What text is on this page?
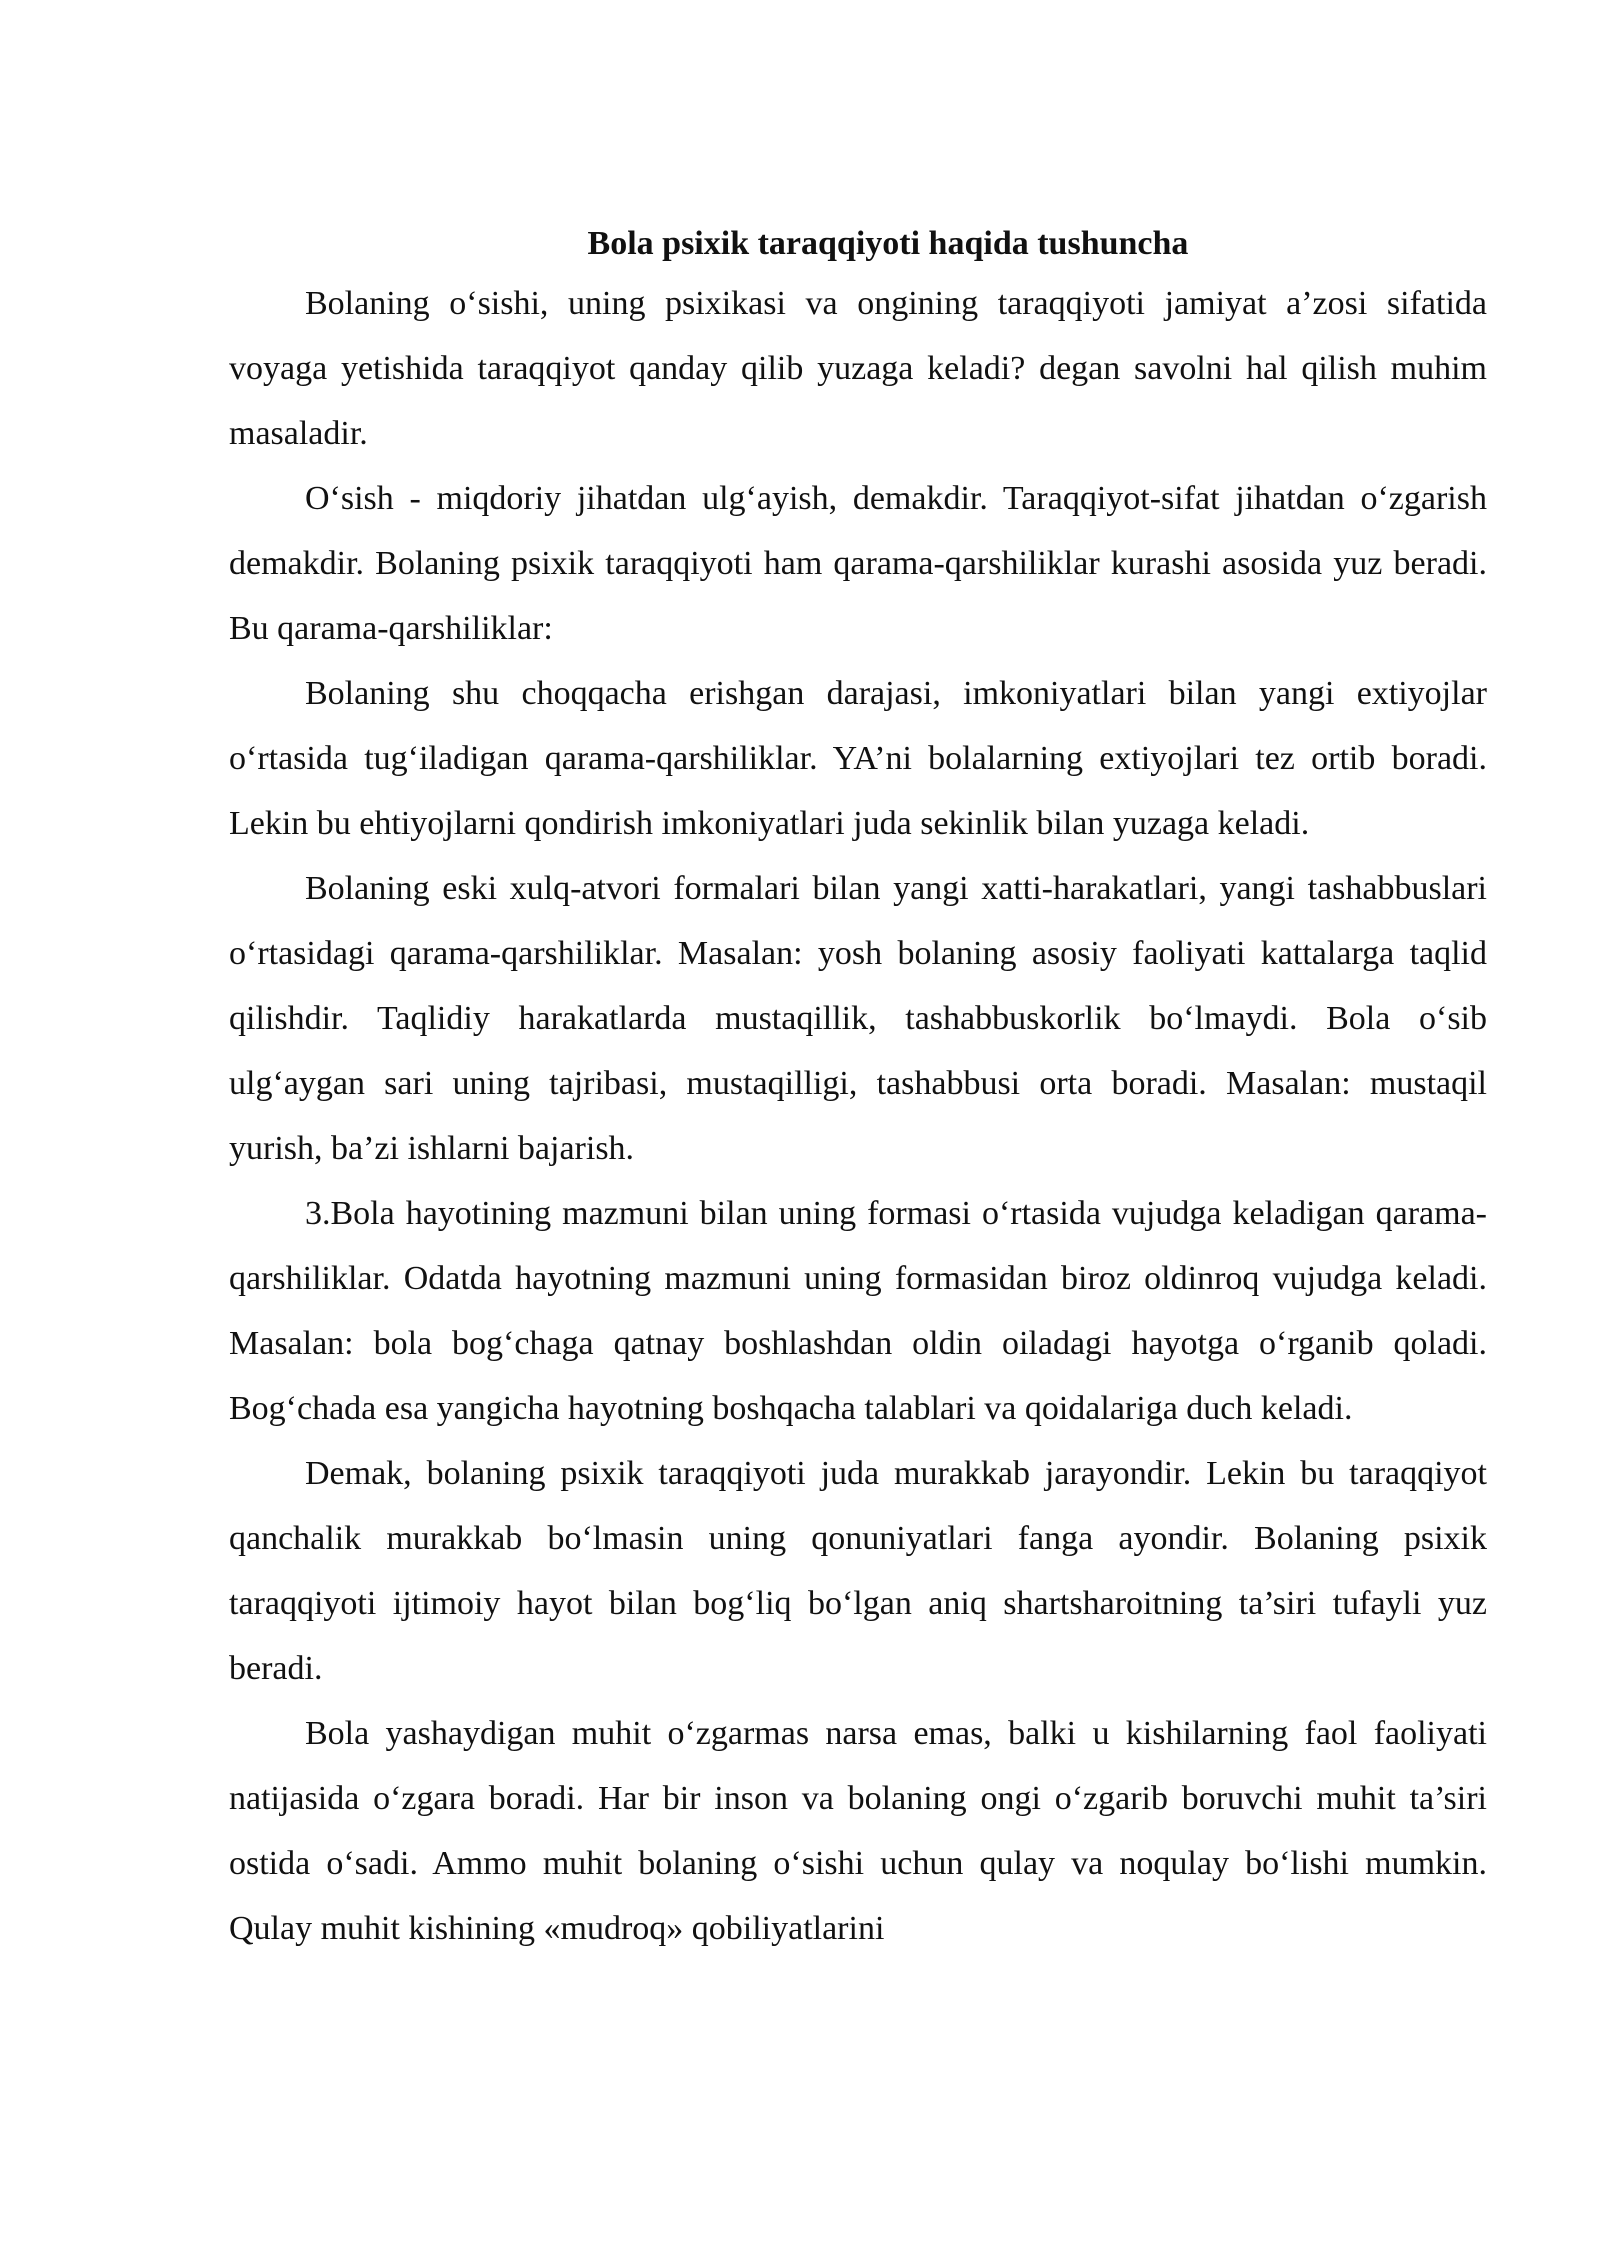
Bola psixik taraqqiyoti haqida tushuncha

Bolaning o‘sishi, uning psixikasi va ongining taraqqiyoti jamiyat a’zosi sifatida voyaga yetishida taraqqiyot qanday qilib yuzaga keladi? degan savolni hal qilish muhim masaladir.

O‘sish - miqdoriy jihatdan ulg‘ayish, demakdir. Taraqqiyot-sifat jihatdan o‘zgarish demakdir. Bolaning psixik taraqqiyoti ham qarama-qarshiliklar kurashi asosida yuz beradi. Bu qarama-qarshiliklar:

Bolaning shu choqqacha erishgan darajasi, imkoniyatlari bilan yangi extiyojlar o‘rtasida tug‘iladigan qarama-qarshiliklar. YA’ni bolalarning extiyojlari tez ortib boradi. Lekin bu ehtiyojlarni qondirish imkoniyatlari juda sekinlik bilan yuzaga keladi.

Bolaning eski xulq-atvori formalari bilan yangi xatti-harakatlari, yangi tashabbuslari o‘rtasidagi qarama-qarshiliklar. Masalan: yosh bolaning asosiy faoliyati kattalarga taqlid qilishdir. Taqlidiy harakatlarda mustaqillik, tashabbuskorlik bo‘lmaydi. Bola o‘sib ulg‘aygan sari uning tajribasi, mustaqilligi, tashabbusi orta boradi. Masalan: mustaqil yurish, ba’zi ishlarni bajarish.

3.Bola hayotining mazmuni bilan uning formasi o‘rtasida vujudga keladigan qarama-qarshiliklar. Odatda hayotning mazmuni uning formasidan biroz oldinroq vujudga keladi. Masalan: bola bog‘chaga qatnay boshlashdan oldin oiladagi hayotga o‘rganib qoladi. Bog‘chada esa yangicha hayotning boshqacha talablari va qoidalariga duch keladi.

Demak, bolaning psixik taraqqiyoti juda murakkab jarayondir. Lekin bu taraqqiyot qanchalik murakkab bo‘lmasin uning qonuniyatlari fanga ayondir. Bolaning psixik taraqqiyoti ijtimoiy hayot bilan bog‘liq bo‘lgan aniq shartsharoitning ta’siri tufayli yuz beradi.

Bola yashaydigan muhit o‘zgarmas narsa emas, balki u kishilarning faol faoliyati natijasida o‘zgara boradi. Har bir inson va bolaning ongi o‘zgarib boruvchi muhit ta’siri ostida o‘sadi. Ammo muhit bolaning o‘sishi uchun qulay va noqulay bo‘lishi mumkin. Qulay muhit kishining «mudroq» qobiliyatlarini
